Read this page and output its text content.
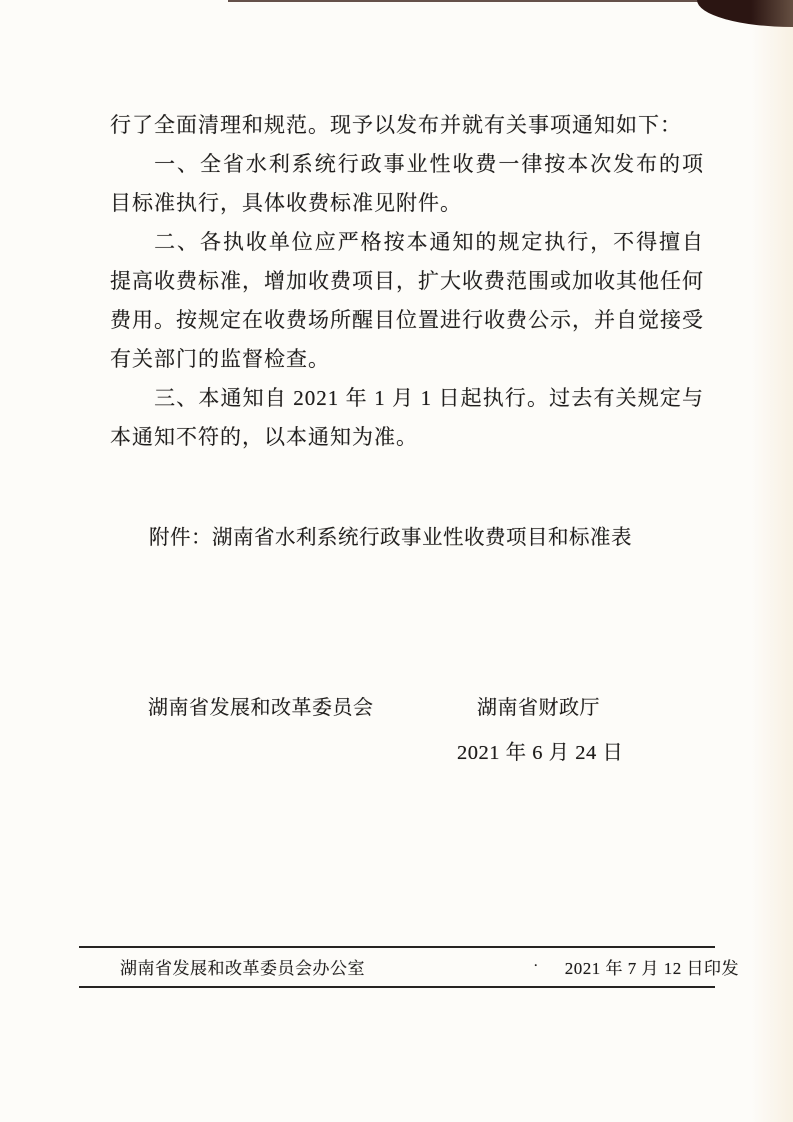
行了全面清理和规范。现予以发布并就有关事项通知如下：

一、全省水利系统行政事业性收费一律按本次发布的项目标准执行，具体收费标准见附件。

二、各执收单位应严格按本通知的规定执行，不得擅自提高收费标准，增加收费项目，扩大收费范围或加收其他任何费用。按规定在收费场所醒目位置进行收费公示，并自觉接受有关部门的监督检查。

三、本通知自 2021 年 1 月 1 日起执行。过去有关规定与本通知不符的，以本通知为准。

附件：湖南省水利系统行政事业性收费项目和标准表
湖南省发展和改革委员会	湖南省财政厅
2021 年 6 月 24 日
湖南省发展和改革委员会办公室	· 2021 年 7 月 12 日印发
